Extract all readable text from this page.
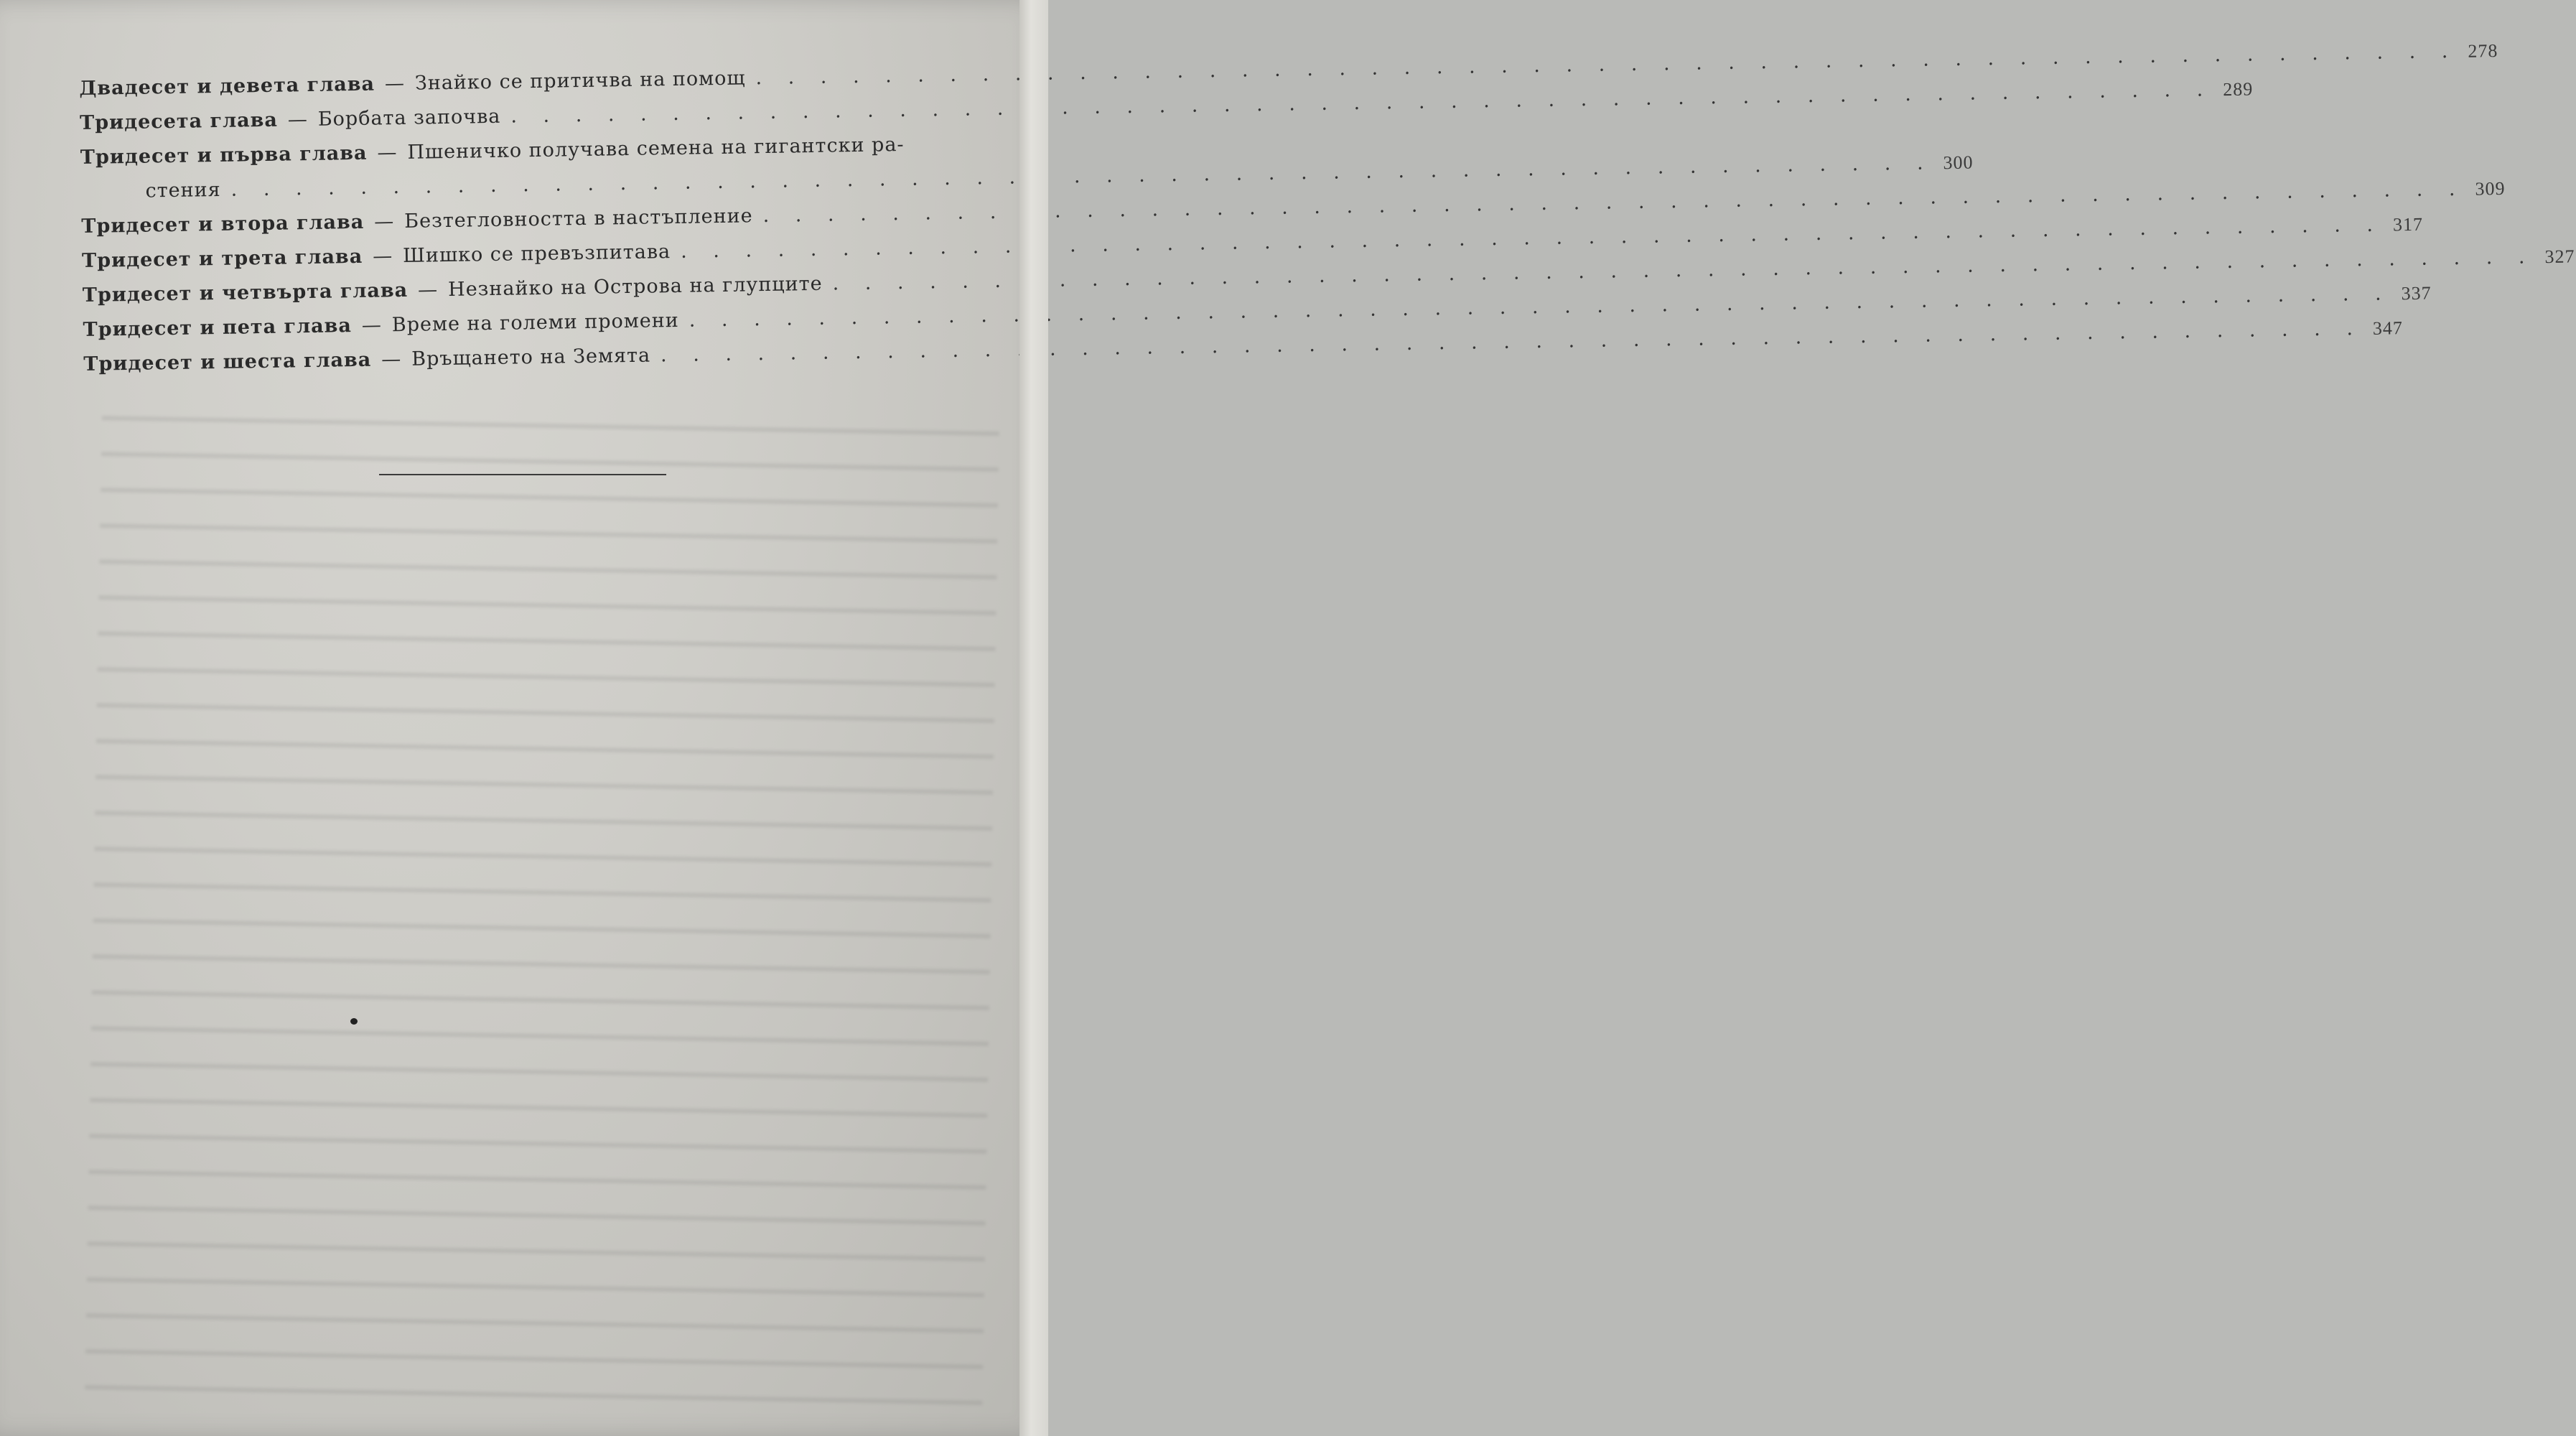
Двадесет и девета глава — Знайко се притичва на помощ
. . .
278
Тридесета глава — Борбата започва
. . .
289
Тридесет и първа глава — Пшеничко получава семена на гигантски ра-
стения
. . .
300
Тридесет и втора глава — Безтегловността в настъпление
. . .
309
Тридесет и трета глава — Шишко се превъзпитава
. . .
317
Тридесет и четвърта глава — Незнайко на Острова на глупците
. . .
327
Тридесет и пета глава — Време на големи промени
. . .
337
Тридесет и шеста глава — Връщането на Земята
. . .
347
